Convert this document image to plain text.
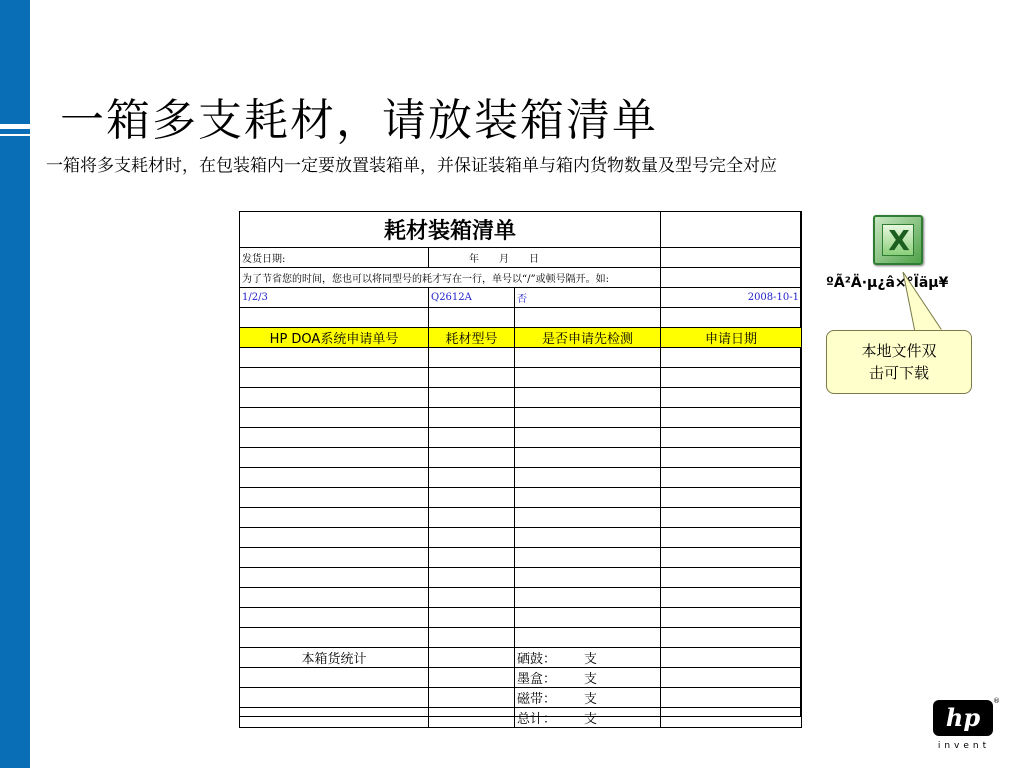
一箱多支耗材，请放装箱清单
一箱将多支耗材时，在包装箱内一定要放置装箱单，并保证装箱单与箱内货物数量及型号完全对应
耗材装箱清单			
发货日期:	年　　月　　日		
为了节省您的时间，您也可以将同型号的耗才写在一行，单号以“/”或顿号隔开。如:			
1/2/3	Q2612A	否	2008-10-1

HP DOA系统申请单号	耗材型号	是否申请先检测	申请日期

本箱货统计		硒鼓： 支	
		墨盒： 支	
		磁带： 支	
		总计： 支	
X
ºÃ²Ä·µ¿â×°Ïäµ¥
本地文件双
击可下载
hp
®
invent
